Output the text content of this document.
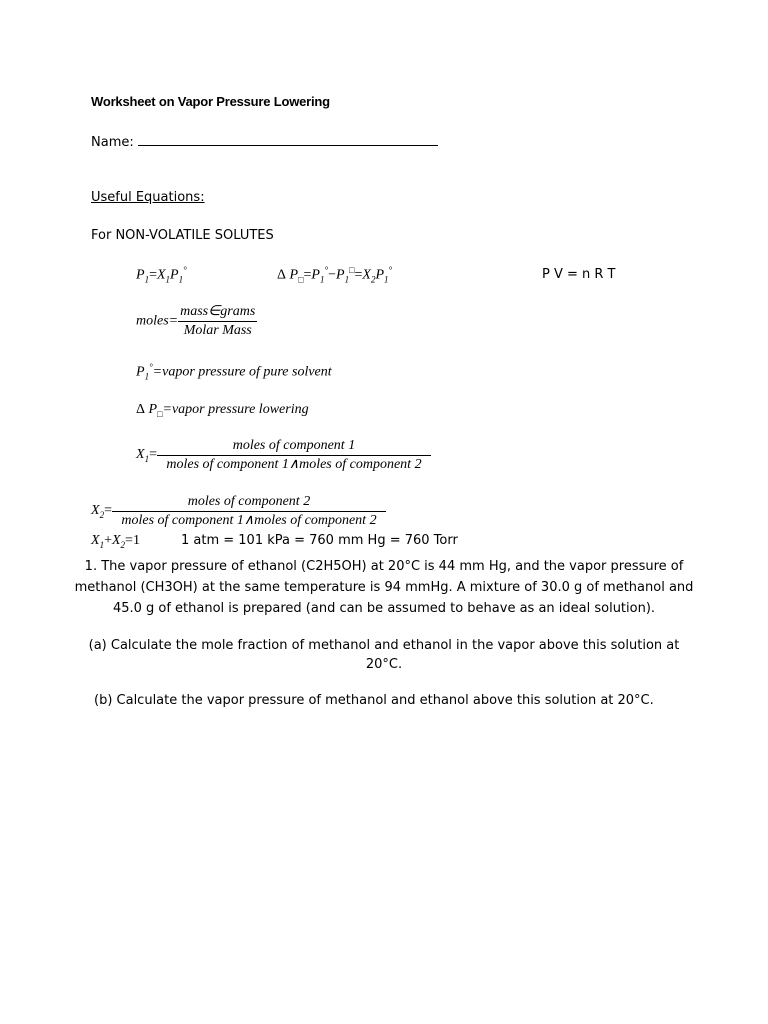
Worksheet on Vapor Pressure Lowering
Name:
Useful Equations:
For NON-VOLATILE SOLUTES
$P_1=X_1P_1^\circ$	Δ $P_□=P_1^\circ-P_1^□=X_2P_1^\circ$	P V = n R T
moles= $\frac{\text{mass∈grams}}{\text{Molar Mass}}$
$P_1^\circ=vapor$ pressure of pure solvent
Δ $P_□=vapor$ pressure lowering
$X_1= \frac{\text{moles of component 1}}{\text{moles of component 1∧moles of component 2}}$
$X_2= \frac{\text{moles of component 2}}{\text{moles of component 1∧moles of component 2}}$
$X_1+X_2=1$	1 atm = 101 kPa = 760 mm Hg = 760 Torr
1. The vapor pressure of ethanol (C2H5OH) at 20°C is 44 mm Hg, and the vapor pressure of
methanol (CH3OH) at the same temperature is 94 mmHg. A mixture of 30.0 g of methanol and
45.0 g of ethanol is prepared (and can be assumed to behave as an ideal solution).
(a) Calculate the mole fraction of methanol and ethanol in the vapor above this solution at
20°C.
(b) Calculate the vapor pressure of methanol and ethanol above this solution at 20°C.
